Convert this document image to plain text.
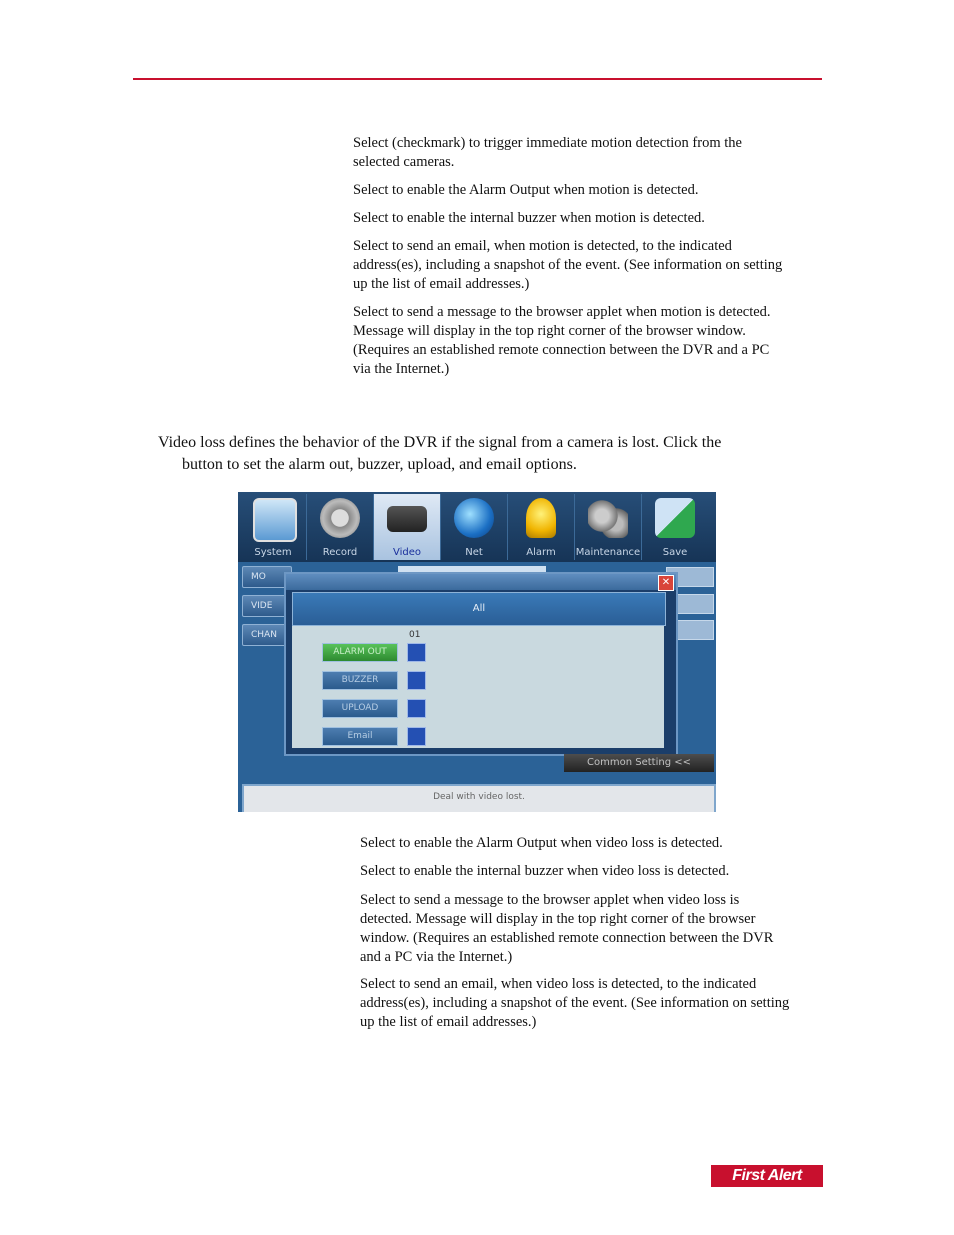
Select (checkmark) to trigger immediate motion detection from the selected cameras.

Select to enable the Alarm Output when motion is detected.

Select to enable the internal buzzer when motion is detected.

Select to send an email, when motion is detected, to the indicated address(es), including a snapshot of the event. (See information on setting up the list of email addresses.)

Select to send a message to the browser applet when motion is detected. Message will display in the top right corner of the browser window. (Requires an established remote connection between the DVR and a PC via the Internet.)

Video loss defines the behavior of the DVR if the signal from a camera is lost. Click the
button to set the alarm out, buzzer, upload, and email options.
System	Record	Video	Net	Alarm	Maintenance	Save
MO
VIDE
CHAN
✕
All
01
ALARM OUT
BUZZER
UPLOAD
Email
Common Setting <<
Deal with video lost.

Select to enable the Alarm Output when video loss is detected.

Select to enable the internal buzzer when video loss is detected.

Select to send a message to the browser applet when video loss is detected. Message will display in the top right corner of the browser window. (Requires an established remote connection between the DVR and a PC via the Internet.)

Select to send an email, when video loss is detected, to the indicated address(es), including a snapshot of the event. (See information on setting up the list of email addresses.)

First Alert
